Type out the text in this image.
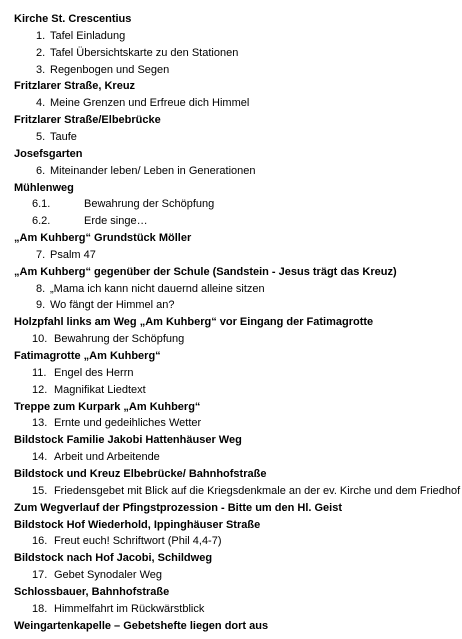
Kirche St. Crescentius
1. Tafel Einladung
2. Tafel Übersichtskarte zu den Stationen
3. Regenbogen und Segen
Fritzlarer Straße, Kreuz
4. Meine Grenzen und Erfreue dich Himmel
Fritzlarer Straße/Elbebrücke
5. Taufe
Josefsgarten
6. Miteinander leben/ Leben in Generationen
Mühlenweg
6.1.	Bewahrung der Schöpfung
6.2.	Erde singe…
„Am Kuhberg“ Grundstück Möller
7. Psalm 47
„Am Kuhberg“ gegenüber der Schule (Sandstein - Jesus trägt das Kreuz)
8. „Mama ich kann nicht dauernd alleine sitzen
9. Wo fängt der Himmel an?
Holzpfahl links am Weg „Am Kuhberg“ vor Eingang der Fatimagrotte
10. Bewahrung der Schöpfung
Fatimagrotte „Am Kuhberg“
11. Engel des Herrn
12. Magnifikat Liedtext
Treppe zum Kurpark „Am Kuhberg“
13. Ernte und gedeihliches Wetter
Bildstock Familie Jakobi Hattenhäuser Weg
14. Arbeit und Arbeitende
Bildstock und Kreuz Elbebrücke/ Bahnhofstraße
15. Friedensgebet mit Blick auf die Kriegsdenkmale an der ev. Kirche und dem Friedhof
Zum Wegverlauf der Pfingstprozession - Bitte um den Hl. Geist
Bildstock Hof Wiederhold, Ippinghäuser Straße
16. Freut euch! Schriftwort (Phil 4,4-7)
Bildstock nach Hof Jacobi, Schildweg
17. Gebet Synodaler Weg
Schlossbauer, Bahnhofstraße
18. Himmelfahrt im Rückwärstblick
Weingartenkapelle – Gebetshefte liegen dort aus
